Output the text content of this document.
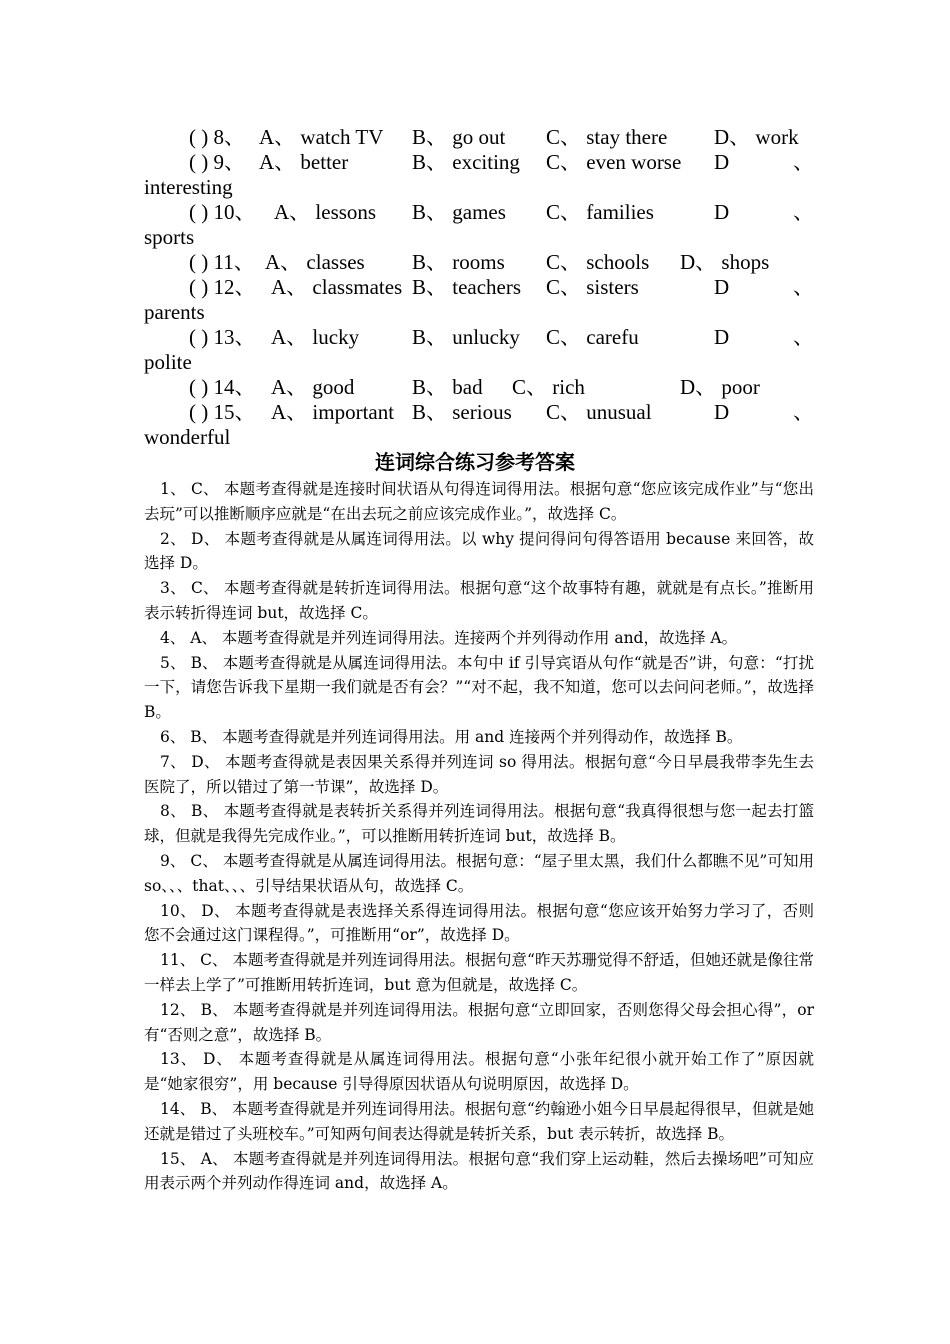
( ) 8、 A、 watch TV B、 go out C、 stay there D、 work
( ) 9、 A、 better	B、 exciting C、 even worse D 、
interesting
( ) 10、 A、 lessons B、 games C、 families	D 、
sports
( ) 11、 A、 classes B、 rooms C、 schools D、 shops
( ) 12、 A、 classmates B、 teachers C、 sisters	D 、
parents
( ) 13、 A、 lucky	B、 unlucky C、 carefu	D 、
polite
( ) 14、 A、 good	B、 bad C、 rich	D、 poor
( ) 15、 A、 important B、 serious C、 unusual	D 、
wonderful
连词综合练习参考答案
1、 C、 本题考查得就是连接时间状语从句得连词得用法。根据句意“您应该完成作业”与“您出去玩”可以推断顺序应就是“在出去玩之前应该完成作业。”，故选择 C。
2、 D、 本题考查得就是从属连词得用法。以 why 提问得问句得答语用 because 来回答，故选择 D。
3、 C、 本题考查得就是转折连词得用法。根据句意“这个故事特有趣，就就是有点长。”推断用表示转折得连词 but，故选择 C。
4、 A、 本题考查得就是并列连词得用法。连接两个并列得动作用 and，故选择 A。
5、 B、 本题考查得就是从属连词得用法。本句中 if 引导宾语从句作“就是否”讲，句意：“打扰一下，请您告诉我下星期一我们就是否有会？”“对不起，我不知道，您可以去问问老师。”，故选择 B。
6、 B、 本题考查得就是并列连词得用法。用 and 连接两个并列得动作，故选择 B。
7、 D、 本题考查得就是表因果关系得并列连词 so 得用法。根据句意“今日早晨我带李先生去医院了，所以错过了第一节课”，故选择 D。
8、 B、 本题考查得就是表转折关系得并列连词得用法。根据句意“我真得很想与您一起去打篮球，但就是我得先完成作业。”，可以推断用转折连词 but，故选择 B。
9、 C、 本题考查得就是从属连词得用法。根据句意：“屋子里太黑，我们什么都瞧不见”可知用 so、、、that、、、引导结果状语从句，故选择 C。
10、 D、 本题考查得就是表选择关系得连词得用法。根据句意“您应该开始努力学习了，否则您不会通过这门课程得。”，可推断用“or”，故选择 D。
11、 C、 本题考查得就是并列连词得用法。根据句意“昨天苏珊觉得不舒适，但她还就是像往常一样去上学了”可推断用转折连词，but 意为但就是，故选择 C。
12、 B、 本题考查得就是并列连词得用法。根据句意“立即回家，否则您得父母会担心得”，or 有“否则之意”，故选择 B。
13、 D、 本题考查得就是从属连词得用法。根据句意“小张年纪很小就开始工作了”原因就是“她家很穷”，用 because 引导得原因状语从句说明原因，故选择 D。
14、 B、 本题考查得就是并列连词得用法。根据句意“约翰逊小姐今日早晨起得很早，但就是她还就是错过了头班校车。”可知两句间表达得就是转折关系，but 表示转折，故选择 B。
15、 A、 本题考查得就是并列连词得用法。根据句意“我们穿上运动鞋，然后去操场吧”可知应用表示两个并列动作得连词 and，故选择 A。
